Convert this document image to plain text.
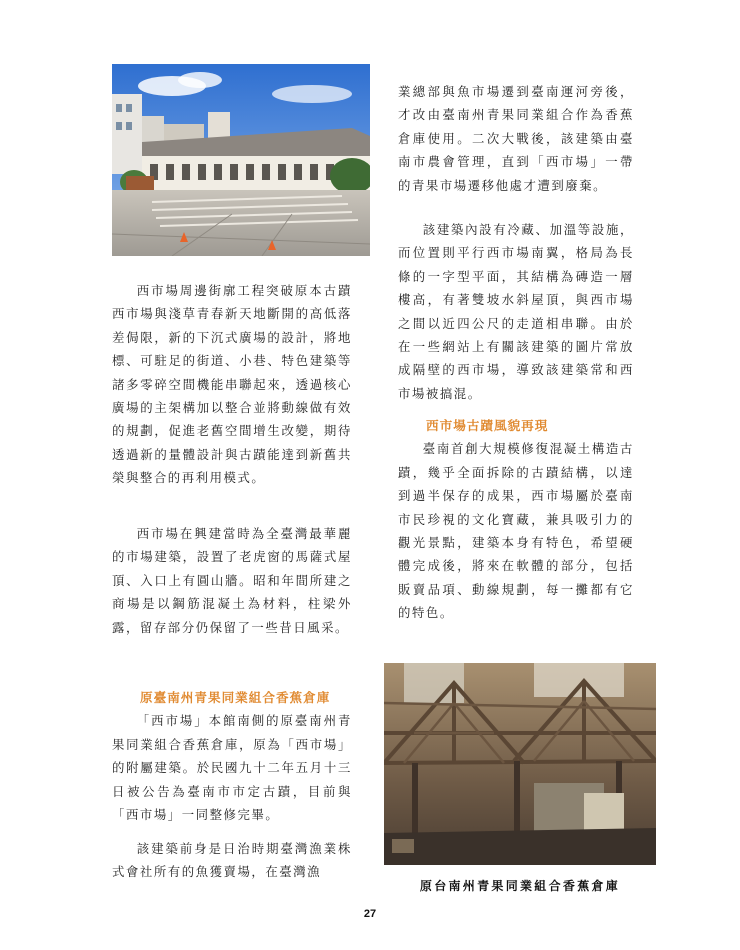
西市場周邊街廓工程突破原本古蹟西市場與淺草青春新天地斷開的高低落差侷限，新的下沉式廣場的設計，將地標、可駐足的街道、小巷、特色建築等諸多零碎空間機能串聯起來，透過核心廣場的主架構加以整合並將動線做有效的規劃，促進老舊空間增生改變，期待透過新的量體設計與古蹟能達到新舊共榮與整合的再利用模式。

西市場在興建當時為全臺灣最華麗的市場建築，設置了老虎窗的馬薩式屋頂、入口上有圓山牆。昭和年間所建之商場是以鋼筋混凝土為材料，柱梁外露，留存部分仍保留了一些昔日風采。

原臺南州青果同業組合香蕉倉庫

「西市場」本館南側的原臺南州青果同業組合香蕉倉庫，原為「西市場」的附屬建築。於民國九十二年五月十三日被公告為臺南市市定古蹟，目前與「西市場」一同整修完畢。

該建築前身是日治時期臺灣漁業株式會社所有的魚獲賣場，在臺灣漁

業總部與魚市場遷到臺南運河旁後，才改由臺南州青果同業組合作為香蕉倉庫使用。二次大戰後，該建築由臺南市農會管理，直到「西市場」一帶的青果市場遷移他處才遭到廢棄。

該建築內設有冷藏、加溫等設施，而位置則平行西市場南翼，格局為長條的一字型平面，其結構為磚造一層樓高，有著雙坡水斜屋頂，與西市場之間以近四公尺的走道相串聯。由於在一些網站上有關該建築的圖片常放成隔壁的西市場，導致該建築常和西市場被搞混。

西市場古蹟風貌再現

臺南首創大規模修復混凝土構造古蹟，幾乎全面拆除的古蹟結構，以達到過半保存的成果，西市場屬於臺南市民珍視的文化寶藏，兼具吸引力的觀光景點，建築本身有特色，希望硬體完成後，將來在軟體的部分，包括販賣品項、動線規劃，每一攤都有它的特色。

原台南州青果同業組合香蕉倉庫
27
